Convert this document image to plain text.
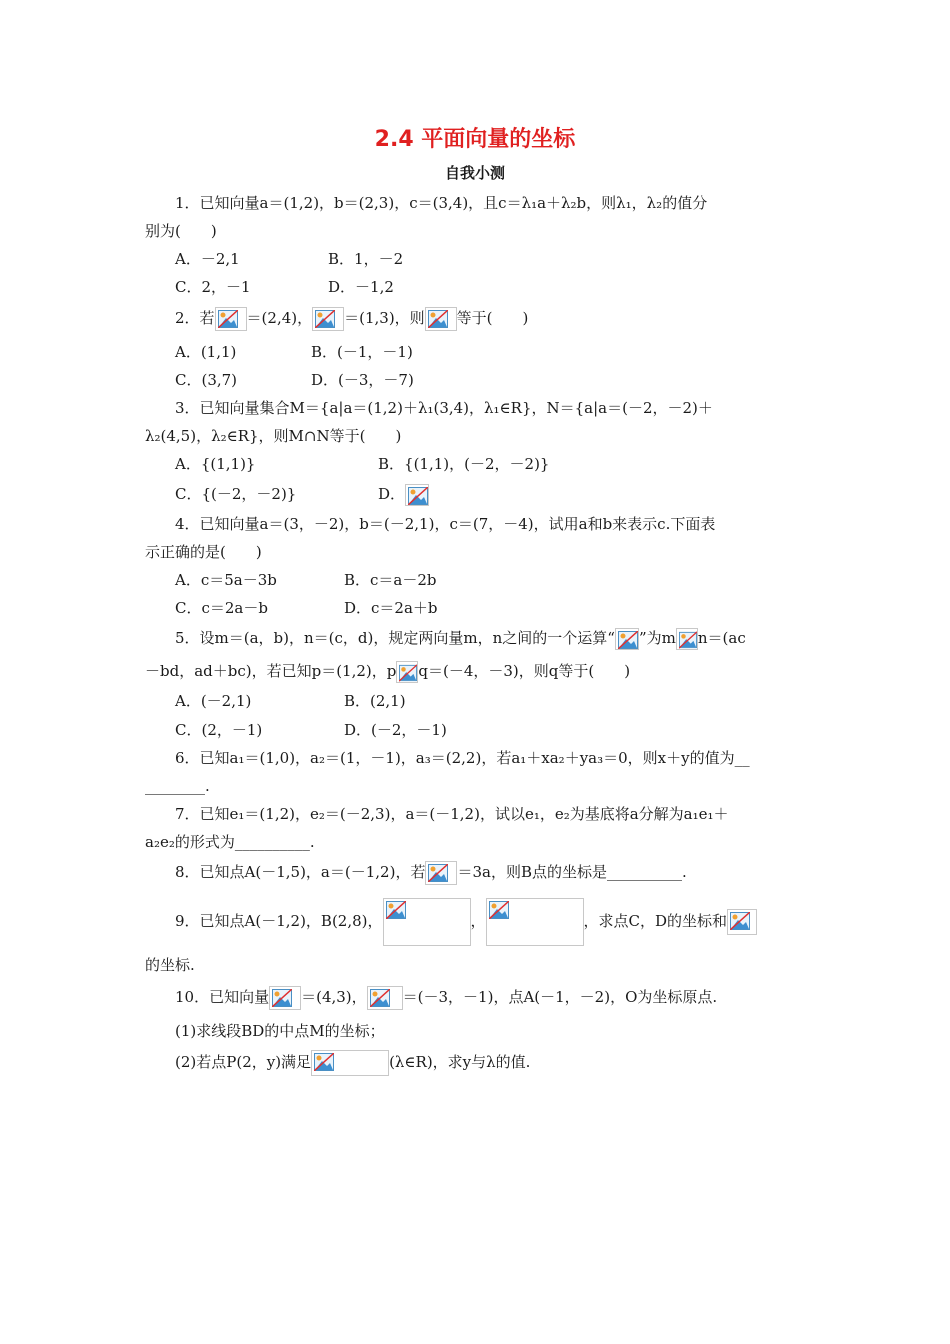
2.4 平面向量的坐标
自我小测
1．已知向量a＝(1,2)，b＝(2,3)，c＝(3,4)，且c＝λ₁a＋λ₂b，则λ₁，λ₂的值分
别为(　　)
A．－2,1	B．1，－2
C．2，－1	D．－1,2
2．若 ＝(2,4)， ＝(1,3)，则 等于(　　)
A．(1,1)	B．(－1，－1)
C．(3,7)	D．(－3，－7)
3．已知向量集合M＝{a|a＝(1,2)＋λ₁(3,4)，λ₁∈R}，N＝{a|a＝(－2，－2)＋
λ₂(4,5)，λ₂∈R}，则M∩N等于(　　)
A．{(1,1)}	B．{(1,1)，(－2，－2)}
C．{(－2，－2)}	D．
4．已知向量a＝(3，－2)，b＝(－2,1)，c＝(7，－4)，试用a和b来表示c.下面表
示正确的是(　　)
A．c＝5a－3b	B．c＝a－2b
C．c＝2a－b	D．c＝2a＋b
5．设m＝(a，b)，n＝(c，d)，规定两向量m，n之间的一个运算“ ”为m n＝(ac
－bd，ad＋bc)，若已知p＝(1,2)，p q＝(－4，－3)，则q等于(　　)
A．(－2,1)	B．(2,1)
C．(2，－1)	D．(－2，－1)
6．已知a₁＝(1,0)，a₂＝(1，－1)，a₃＝(2,2)，若a₁＋xa₂＋ya₃＝0，则x＋y的值为__
________.
7．已知e₁＝(1,2)，e₂＝(－2,3)，a＝(－1,2)，试以e₁，e₂为基底将a分解为a₁e₁＋
a₂e₂的形式为__________.
8．已知点A(－1,5)，a＝(－1,2)，若 ＝3a，则B点的坐标是__________.
9．已知点A(－1,2)，B(2,8)，	，	，求点C，D的坐标和
的坐标.
10．已知向量 ＝(4,3)， ＝(－3，－1)，点A(－1，－2)，O为坐标原点.
(1)求线段BD的中点M的坐标；
(2)若点P(2，y)满足	(λ∈R)，求y与λ的值.
